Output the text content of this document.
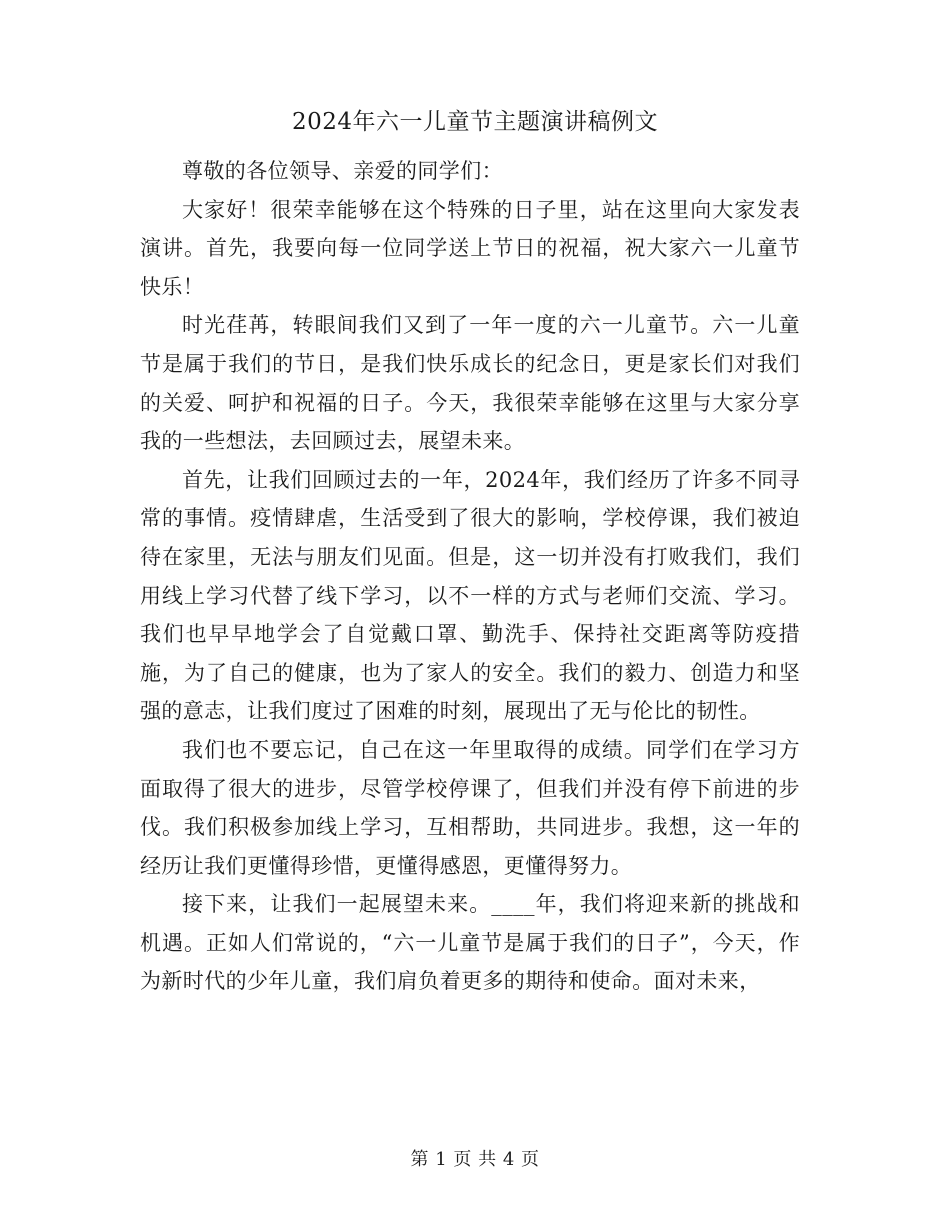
2024年六一儿童节主题演讲稿例文

尊敬的各位领导、亲爱的同学们：

大家好！很荣幸能够在这个特殊的日子里，站在这里向大家发表演讲。首先，我要向每一位同学送上节日的祝福，祝大家六一儿童节快乐！

时光荏苒，转眼间我们又到了一年一度的六一儿童节。六一儿童节是属于我们的节日，是我们快乐成长的纪念日，更是家长们对我们的关爱、呵护和祝福的日子。今天，我很荣幸能够在这里与大家分享我的一些想法，去回顾过去，展望未来。

首先，让我们回顾过去的一年，2024年，我们经历了许多不同寻常的事情。疫情肆虐，生活受到了很大的影响，学校停课，我们被迫待在家里，无法与朋友们见面。但是，这一切并没有打败我们，我们用线上学习代替了线下学习，以不一样的方式与老师们交流、学习。我们也早早地学会了自觉戴口罩、勤洗手、保持社交距离等防疫措施，为了自己的健康，也为了家人的安全。我们的毅力、创造力和坚强的意志，让我们度过了困难的时刻，展现出了无与伦比的韧性。

我们也不要忘记，自己在这一年里取得的成绩。同学们在学习方面取得了很大的进步，尽管学校停课了，但我们并没有停下前进的步伐。我们积极参加线上学习，互相帮助，共同进步。我想，这一年的经历让我们更懂得珍惜，更懂得感恩，更懂得努力。

接下来，让我们一起展望未来。____年，我们将迎来新的挑战和机遇。正如人们常说的，“六一儿童节是属于我们的日子”，今天，作为新时代的少年儿童，我们肩负着更多的期待和使命。面对未来，

第 1 页 共 4 页
